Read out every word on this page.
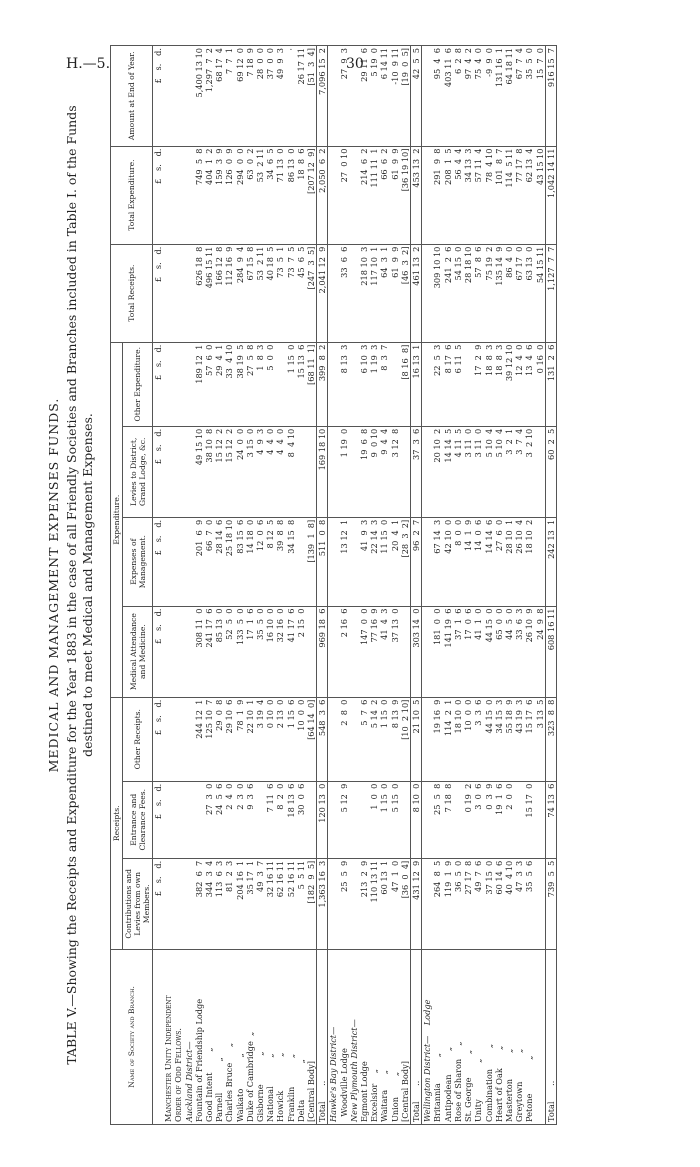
H.—5.	30
MEDICAL AND MANAGEMENT EXPENSES FUNDS. TABLE V.—Showing the Receipts and Expenditure for the Year 1883 in the case of all Friendly Societies and Branches included in Table I. of the Funds destined to meet Medical and Management Expenses.
Name of Society and Branch.	Receipts.			Expenditure.				Total Receipts.	Total Expenditure.	Amount at End of Year.
	Contributions and Levies from own Members.	Entrance and Clearance Fees.	Other Receipts.	Medical Attendance and Medicine.	Expenses of Management.	Levies to District, Grand Lodge, &c.	Other Expenditure.			
	£   s.   d.	£   s.   d.	£   s.   d.	£   s.   d.	£   s.   d.	£   s.   d.	£   s.   d.	£   s.   d.	£   s.   d.	£   s.   d.
Manchester Unity Independent										
Order of Odd Fellows.										
Auckland District—										
Fountain of Friendship Lodge	382  6  7		244 12  1	308 11  0	201  6  9	49 15 10	189 12  1	626 18  8	749  5  8	5,400 13 10
Good Intent        „	344  3  4	27  3  0	125 10  7	241 17  6	66  7  0	38 10  8	57  6  0	496 15 11	404  1  2	1,297  7  2
Parnell            „	113  6  3	24  5  6	29  0  8	85 13  0	28 14  6	15 12  2	29  4  1	166 12  8	159  3  9	68 17  4
Charles Bruce      „	81  2  3	2  4  0	29 10  6	52  5  0	25 18 10	15 12  2	33  4 10	112 16  9	126  0  9	7  7  1
Waikato            „	204 16  1	2  3  0	78  1  9	133  5  0	83 15  6	24  0  0	38 19  5	284  9  4	294  0  0	69 12  0
Duke of Cambridge  „	35 17  1	9  3  6	22 10  1	17  1  6	14 18  0	3 15  0	27  5  8	67 15  8	63  0  2	7 18  9
Gisborne           „	49  3  7		3 19  4	35  5  0	12  0  6	4  9  3	1  8  3	53  2 11	53  2 11	28  0  0
National           „	32 16 11	7 11  6	0 10  0	16 10  0	8 12  5	4  4  0	5  0  0	40 18  5	34  6  5	37  0  0
Howick             „	62 16 11	8  2  0	2 13  0	32 16  0	39  8  8	4  4  0		73  5  1	71 13  0	49  9  3
Franklin           „	52 16 11	18 13  6	1 15  6	41 17  6	34 15  8	8  4 10	1 15  0	73  7  5	86 13  0	·
Delta              „	5  5 11	30  0  6	10  0  0	2 15  0			15 13  6	45  6  5	18  8  6	26 17 11
[Central Body]	[182  9  5]		[64 14  0]		[139  1  8]		[68 11  1]	[247  3  5]	[207 12  9]	[51  3  4]
Total      ..	1,363 16  3	120 13  0	548  3  6	969 18  6	511  0  8	169 18 10	399  8  2	2,041 12  9	2,050  6  2	7,096 15  2
Hawke's Bay District—										
Woodville Lodge	25  5  9	5 12  9	2  8  0	2 16  6	13 12  1	1 19  0	8 13  3	33  6  6	27  0 10	27  9  3
New Plymouth District—										
Egmont Lodge	213  2  9		5  7  6	147  0  0	41  9  3	19  6  8	6 10  3	218 10  3	214  6  2	29 11  6
Excelsior    „	110 13 11	1  0  0	5 14  2	77 16  9	22 14  3	9  0 10	1 19  3	117 10  1	111 11  1	5 19  0
Waitara      „	60 13  1	1 15  0	1 15  0	41  4  3	11 15  0	9  4  4	8  3  7	64  3  1	66  6  2	6 14 11
Union        „	47  1  0	5 15  0	8 13  9	37 13  0	20  4  1	3 12  8		61  9  9	61  9  9	-10  9 11
[Central Body]	[36  0  4]		[10  2 10]		[28  3  2]		[8 16  8]	[46  3  2]	[36 19 10]	[19  0  5]
Total      ..	431 12  9	8 10  0	21 10  5	303 14  0	96  2  7	37  3  6	16 13  1	461 13  2	453 13  2	42  5  5
Wellington District—    Lodge										
Britannia          „	264  8  5	25  5  8	19 16  9	181  0  0	67 14  3	20 10  2	22  5  3	309 10 10	291  9  8	95  4  6
Antipodean         „	119  1  9	7 18  8	114  2  1	141 19  6	42 10  0	14 14  5	8 17  6	241  2  6	208  1  5	403 11  6
Rose of Sharon     „	36  5  0		18 10  0	37  1  6	8  0  0	4 11  5	6 11  5	54 15  0	56  4  4	6  2  8
St. George         „	27 17  8	0 19  2	10  0  0	17  0  6	14  1  9	3 11  0		28 18 10	34 13  3	97  4  2
Unity              „	49  7  6	3  0  6	3  3  6	41  1  0	14  0  6	3 11  0	17  2  9	57  8  6	57 11  4	75  4  0
Combination        „	37 15  0	0  3  9	44 15  0	44 15  0	14 14  6	5 10  4	18  8  3	75 19  2	78  4 10	-9  9  0
Heart of Oak       „	60 14  6	19  1  6	34 15  3	65  0  0	27  6  0	5 10  4	18  8  3	135 14  9	101  8  7	131 16  1
Masterton          „	40  4 10	2  0  0	55 18  9	44  5  0	28 10  1	3  2  1	39 12 10	86  4  0	114  5 11	64 18 11
Greytown           „	47  3  3		43 19  3	33  6  3	26 10  4	3  7  4	12  4  0	67 17  0	77 17  8	67  7  4
Petone             „	35  5  6	15 17  0	15 17  6	26 10  9	18 10  2	3  2 10	13  4  6	63 13  0	62 13  4	35  5  0
			3 13  5	24  9  8			0 16  0	54 15 11	43 15 10	15  7  0
Total      ..	739  5  5	74 13  6	323  8  8	608 16 11	242 13  1	60  2  5	131  2  6	1,127  7  7	1,042 14 11	916 15  7
